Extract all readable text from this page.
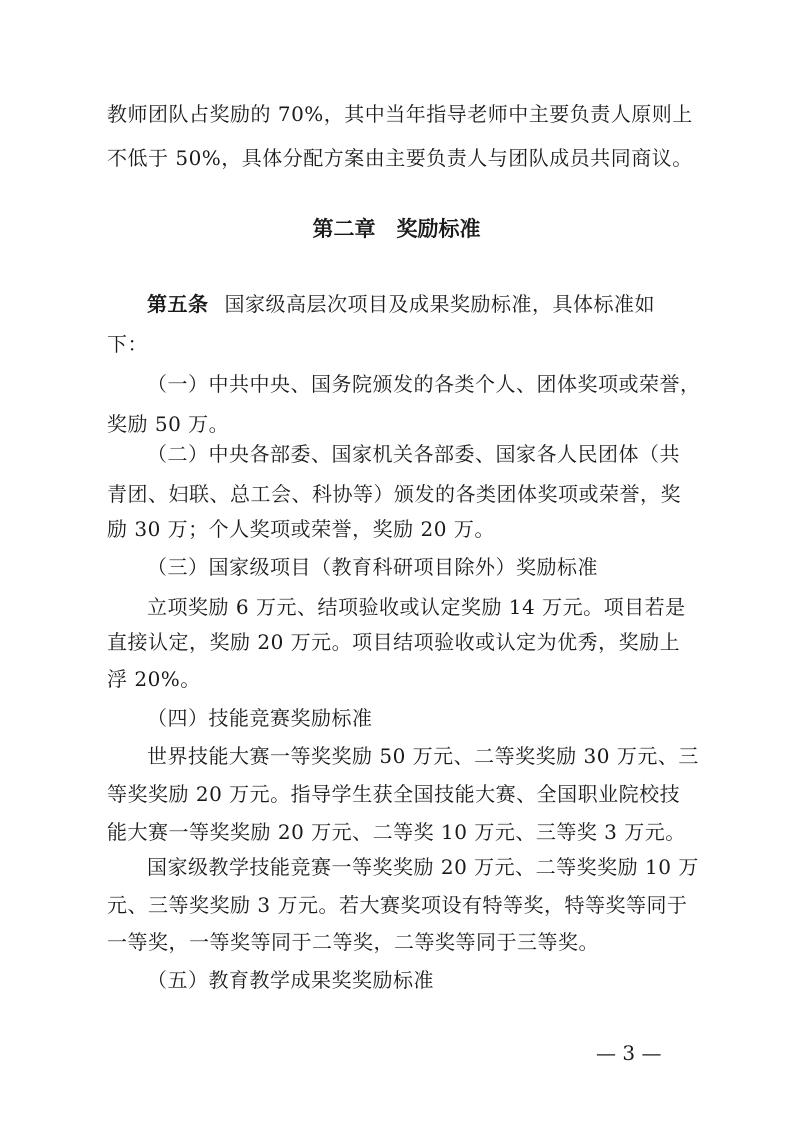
教师团队占奖励的 70%，其中当年指导老师中主要负责人原则上
不低于 50%，具体分配方案由主要负责人与团队成员共同商议。
第二章　奖励标准
第五条 国家级高层次项目及成果奖励标准，具体标准如
下：
（一）中共中央、国务院颁发的各类个人、团体奖项或荣誉，
奖励 50 万。
（二）中央各部委、国家机关各部委、国家各人民团体（共
青团、妇联、总工会、科协等）颁发的各类团体奖项或荣誉，奖
励 30 万；个人奖项或荣誉，奖励 20 万。
（三）国家级项目（教育科研项目除外）奖励标准
立项奖励 6 万元、结项验收或认定奖励 14 万元。项目若是
直接认定，奖励 20 万元。项目结项验收或认定为优秀，奖励上
浮 20%。
（四）技能竞赛奖励标准
世界技能大赛一等奖奖励 50 万元、二等奖奖励 30 万元、三
等奖奖励 20 万元。指导学生获全国技能大赛、全国职业院校技
能大赛一等奖奖励 20 万元、二等奖 10 万元、三等奖 3 万元。
国家级教学技能竞赛一等奖奖励 20 万元、二等奖奖励 10 万
元、三等奖奖励 3 万元。若大赛奖项设有特等奖，特等奖等同于
一等奖，一等奖等同于二等奖，二等奖等同于三等奖。
（五）教育教学成果奖奖励标准
— 3 —
